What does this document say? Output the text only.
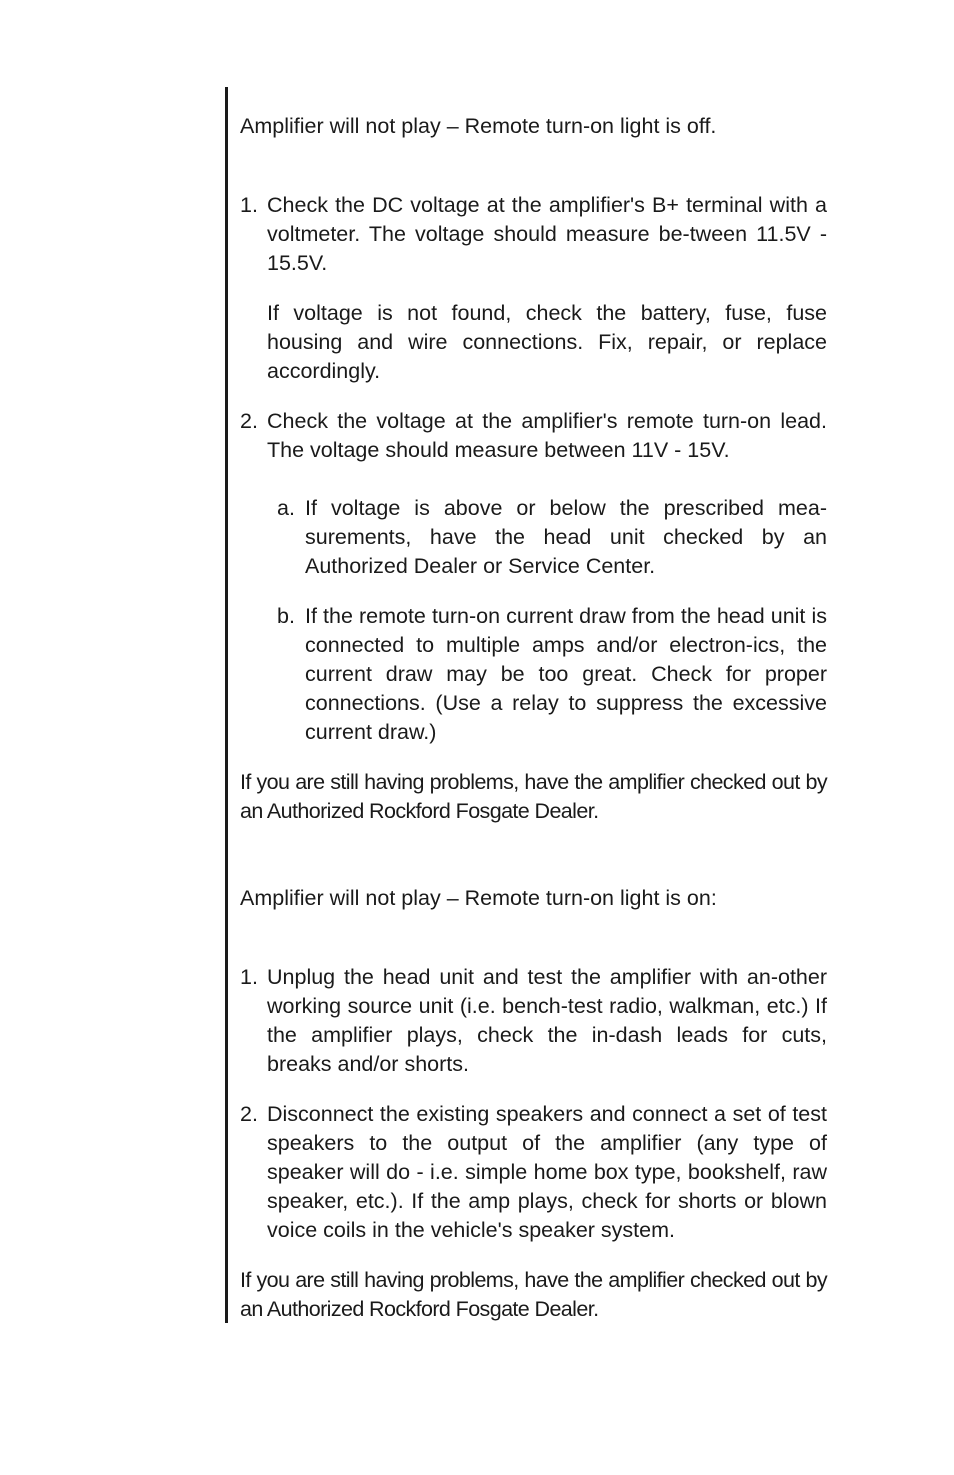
Amplifier will not play – Remote turn-on light is off.

1. Check the DC voltage at the amplifier's B+ terminal with a voltmeter. The voltage should measure be-tween 11.5V - 15.5V.

If voltage is not found, check the battery, fuse, fuse housing and wire connections. Fix, repair, or replace accordingly.

2. Check the voltage at the amplifier's remote turn-on lead. The voltage should measure between 11V - 15V.

a. If voltage is above or below the prescribed mea-surements, have the head unit checked by an Authorized Dealer or Service Center.

b. If the remote turn-on current draw from the head unit is connected to multiple amps and/or electron-ics, the current draw may be too great. Check for proper connections. (Use a relay to suppress the excessive current draw.)

If you are still having problems, have the amplifier checked out by an Authorized Rockford Fosgate Dealer.

Amplifier will not play – Remote turn-on light is on:

1. Unplug the head unit and test the amplifier with an-other working source unit (i.e. bench-test radio, walkman, etc.) If the amplifier plays, check the in-dash leads for cuts, breaks and/or shorts.

2. Disconnect the existing speakers and connect a set of test speakers to the output of the amplifier (any type of speaker will do - i.e. simple home box type, bookshelf, raw speaker, etc.). If the amp plays, check for shorts or blown voice coils in the vehicle's speaker system.

If you are still having problems, have the amplifier checked out by an Authorized Rockford Fosgate Dealer.
